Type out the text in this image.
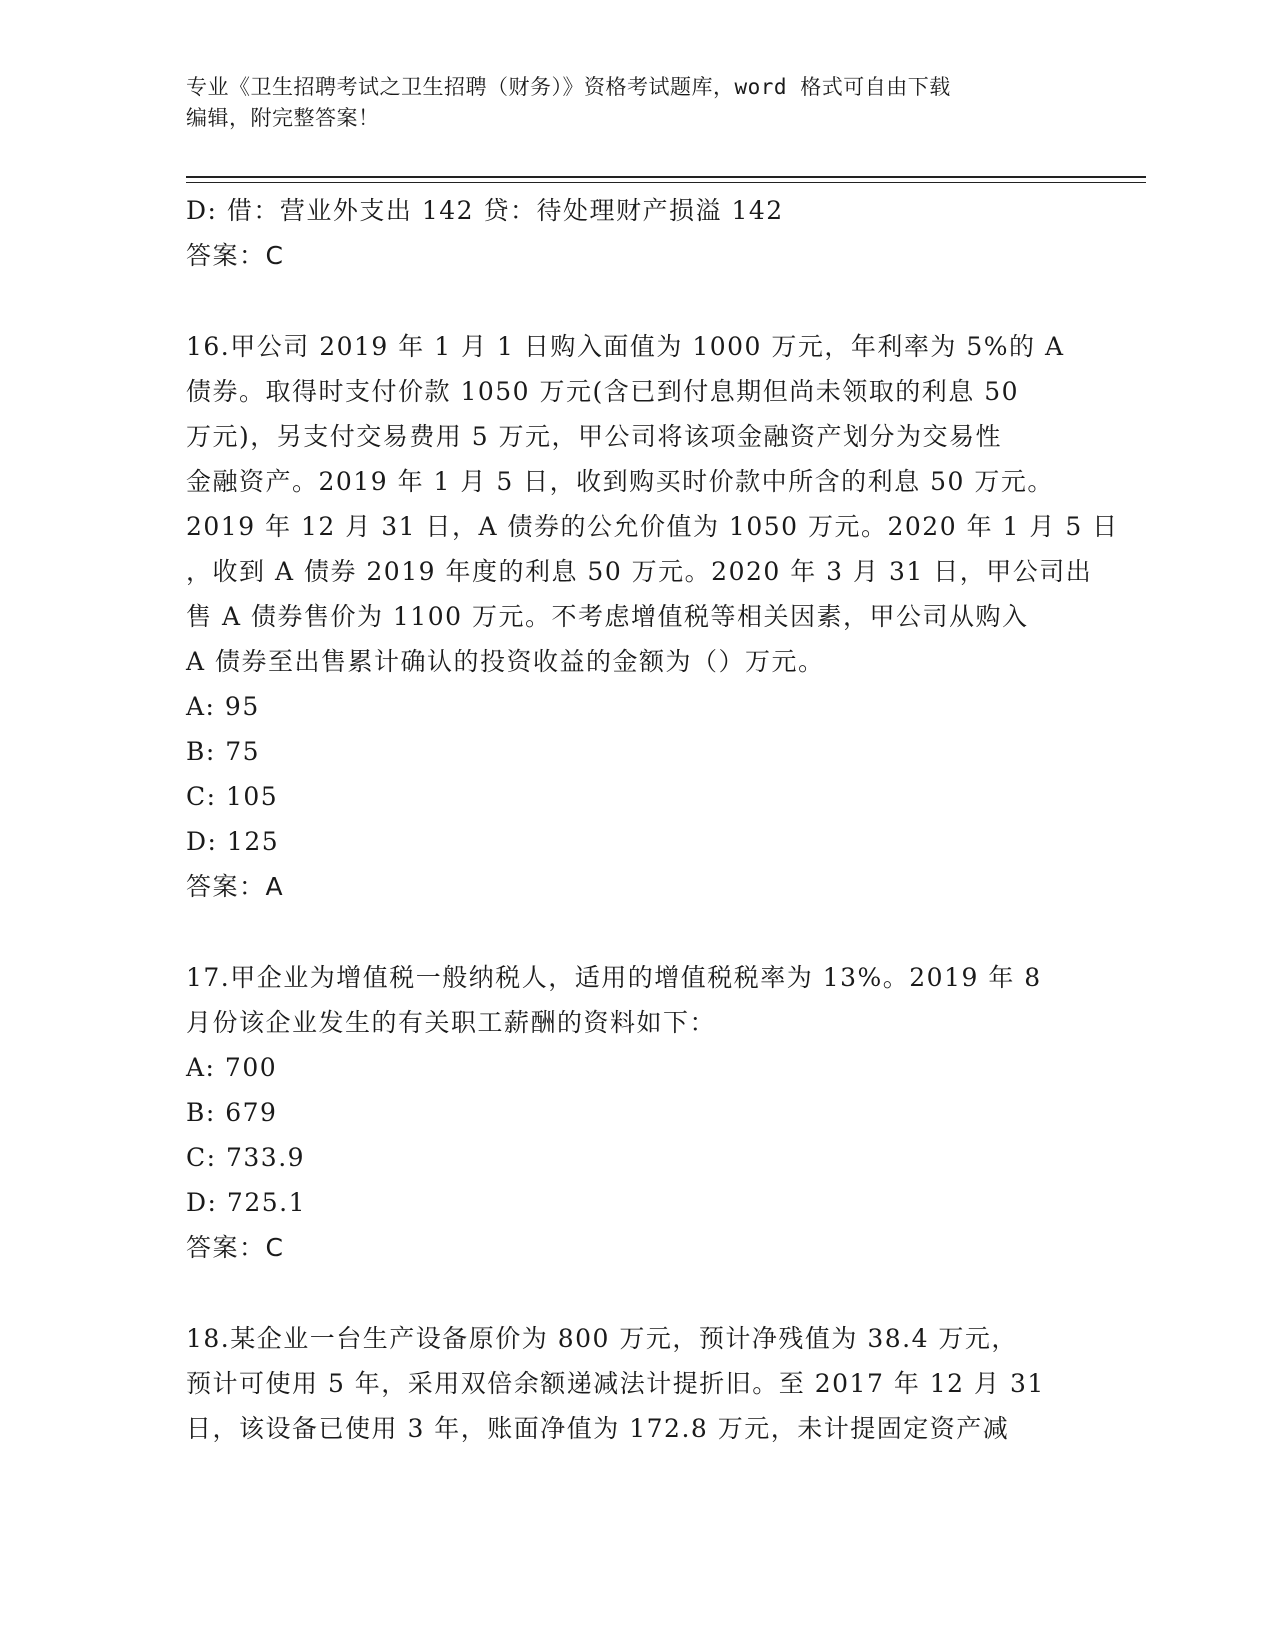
专业《卫生招聘考试之卫生招聘（财务）》资格考试题库，word 格式可自由下载
编辑，附完整答案！
D: 借：营业外支出 142 贷：待处理财产损溢 142
答案：C
16.甲公司 2019 年 1 月 1 日购入面值为 1000 万元，年利率为 5%的 A
债券。取得时支付价款 1050 万元(含已到付息期但尚未领取的利息 50
万元)，另支付交易费用 5 万元，甲公司将该项金融资产划分为交易性
金融资产。2019 年 1 月 5 日，收到购买时价款中所含的利息 50 万元。
2019 年 12 月 31 日，A 债券的公允价值为 1050 万元。2020 年 1 月 5 日
，收到 A 债券 2019 年度的利息 50 万元。2020 年 3 月 31 日，甲公司出
售 A 债券售价为 1100 万元。不考虑增值税等相关因素，甲公司从购入
A 债券至出售累计确认的投资收益的金额为（）万元。
A: 95
B: 75
C: 105
D: 125
答案：A
17.甲企业为增值税一般纳税人，适用的增值税税率为 13%。2019 年 8
月份该企业发生的有关职工薪酬的资料如下：
A: 700
B: 679
C: 733.9
D: 725.1
答案：C
18.某企业一台生产设备原价为 800 万元，预计净残值为 38.4 万元，
预计可使用 5 年，采用双倍余额递减法计提折旧。至 2017 年 12 月 31
日，该设备已使用 3 年，账面净值为 172.8 万元，未计提固定资产减
